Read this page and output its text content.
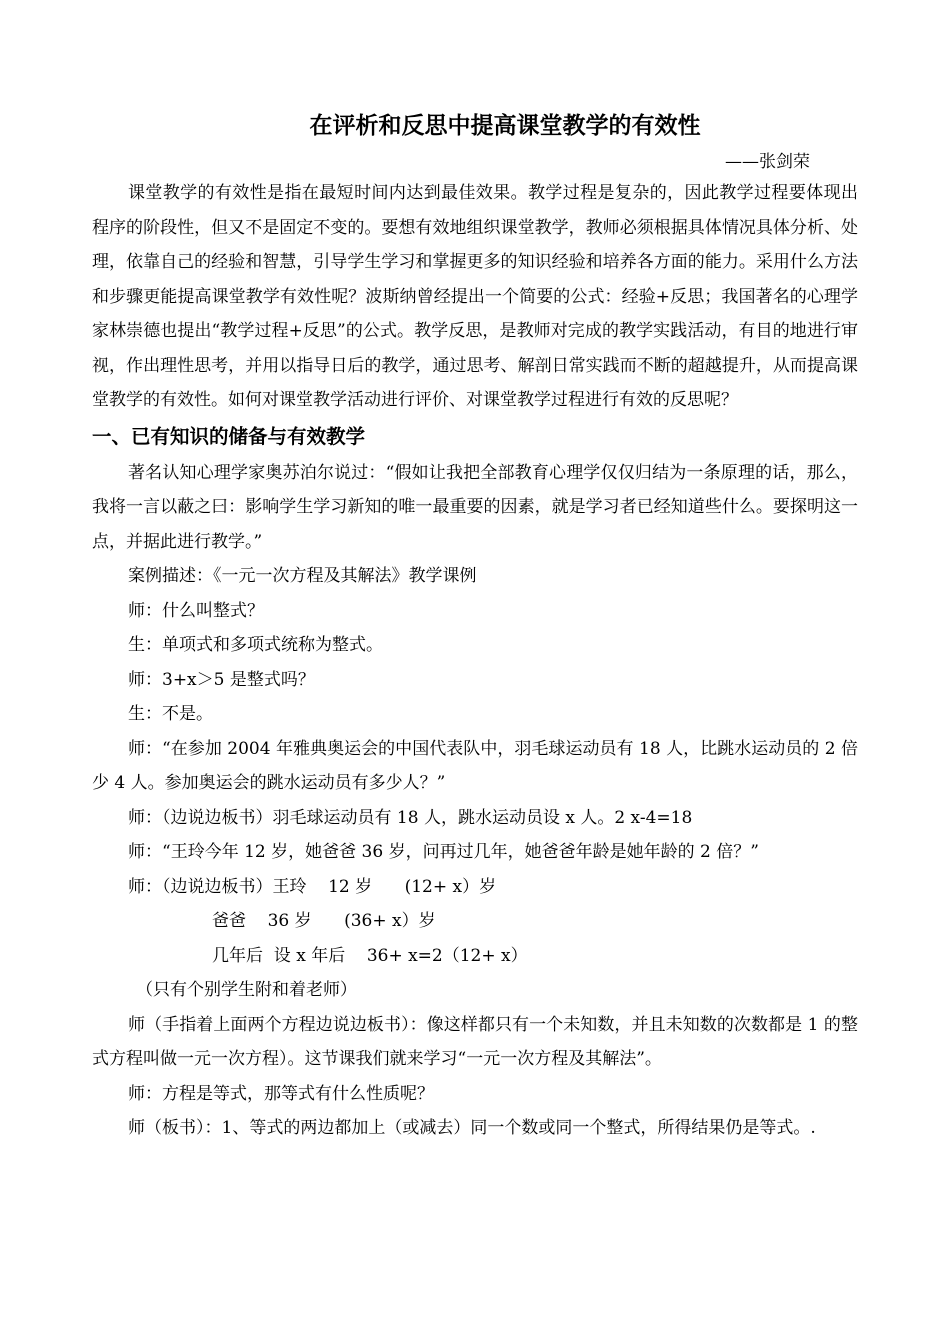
在评析和反思中提高课堂教学的有效性

——张剑荣

课堂教学的有效性是指在最短时间内达到最佳效果。教学过程是复杂的，因此教学过程要体现出程序的阶段性，但又不是固定不变的。要想有效地组织课堂教学，教师必须根据具体情况具体分析、处理，依靠自己的经验和智慧，引导学生学习和掌握更多的知识经验和培养各方面的能力。采用什么方法和步骤更能提高课堂教学有效性呢？波斯纳曾经提出一个简要的公式：经验+反思；我国著名的心理学家林崇德也提出“教学过程+反思”的公式。教学反思，是教师对完成的教学实践活动，有目的地进行审视，作出理性思考，并用以指导日后的教学，通过思考、解剖日常实践而不断的超越提升，从而提高课堂教学的有效性。如何对课堂教学活动进行评价、对课堂教学过程进行有效的反思呢？

一、已有知识的储备与有效教学

著名认知心理学家奥苏泊尔说过：“假如让我把全部教育心理学仅仅归结为一条原理的话，那么，我将一言以蔽之曰：影响学生学习新知的唯一最重要的因素，就是学习者已经知道些什么。要探明这一点，并据此进行教学。”

案例描述：《一元一次方程及其解法》教学课例

师：什么叫整式？

生：单项式和多项式统称为整式。

师：3+x＞5 是整式吗？

生：不是。

师：“在参加 2004 年雅典奥运会的中国代表队中，羽毛球运动员有 18 人，比跳水运动员的 2 倍少 4 人。参加奥运会的跳水运动员有多少人？”

师：（边说边板书）羽毛球运动员有 18 人，跳水运动员设 x 人。2 x-4=18

师：“王玲今年 12 岁，她爸爸 36 岁，问再过几年，她爸爸年龄是她年龄的 2 倍？”

师：（边说边板书）王玲    12 岁      (12+ x）岁

爸爸    36 岁      (36+ x）岁

几年后  设 x 年后    36+ x=2（12+ x）

（只有个别学生附和着老师）

师（手指着上面两个方程边说边板书）：像这样都只有一个未知数，并且未知数的次数都是 1 的整式方程叫做一元一次方程）。这节课我们就来学习“一元一次方程及其解法”。

师：方程是等式，那等式有什么性质呢？

师（板书）：1、等式的两边都加上（或减去）同一个数或同一个整式，所得结果仍是等式。.
